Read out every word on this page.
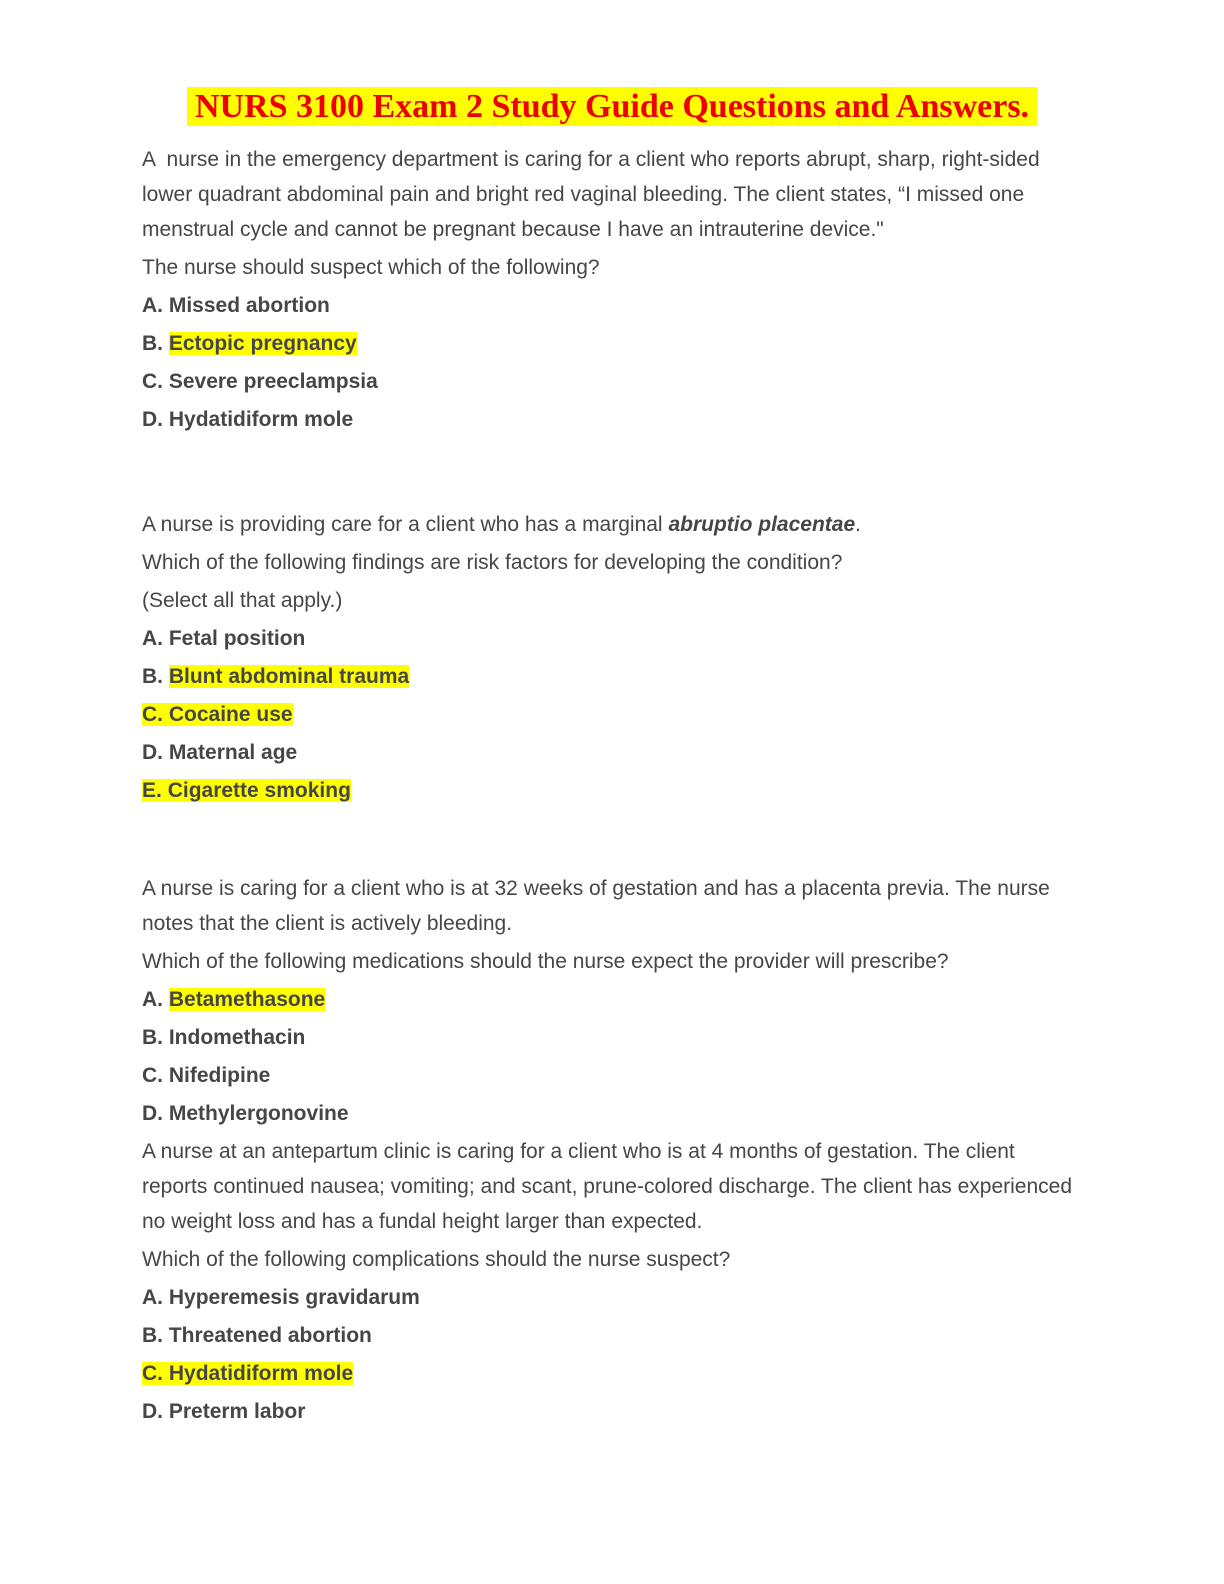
NURS 3100 Exam 2 Study Guide Questions and Answers.

A  nurse in the emergency department is caring for a client who reports abrupt, sharp, right-sided lower quadrant abdominal pain and bright red vaginal bleeding. The client states, “I missed one menstrual cycle and cannot be pregnant because I have an intrauterine device."

The nurse should suspect which of the following?

A. Missed abortion

B. Ectopic pregnancy

C. Severe preeclampsia

D. Hydatidiform mole

A nurse is providing care for a client who has a marginal abruptio placentae.

Which of the following findings are risk factors for developing the condition?

(Select all that apply.)

A. Fetal position

B. Blunt abdominal trauma

C. Cocaine use

D. Maternal age

E. Cigarette smoking

A nurse is caring for a client who is at 32 weeks of gestation and has a placenta previa. The nurse notes that the client is actively bleeding.

Which of the following medications should the nurse expect the provider will prescribe?

A. Betamethasone

B. Indomethacin

C. Nifedipine

D. Methylergonovine

A nurse at an antepartum clinic is caring for a client who is at 4 months of gestation. The client reports continued nausea; vomiting; and scant, prune-colored discharge. The client has experienced no weight loss and has a fundal height larger than expected.

Which of the following complications should the nurse suspect?

A. Hyperemesis gravidarum

B. Threatened abortion

C. Hydatidiform mole

D. Preterm labor
